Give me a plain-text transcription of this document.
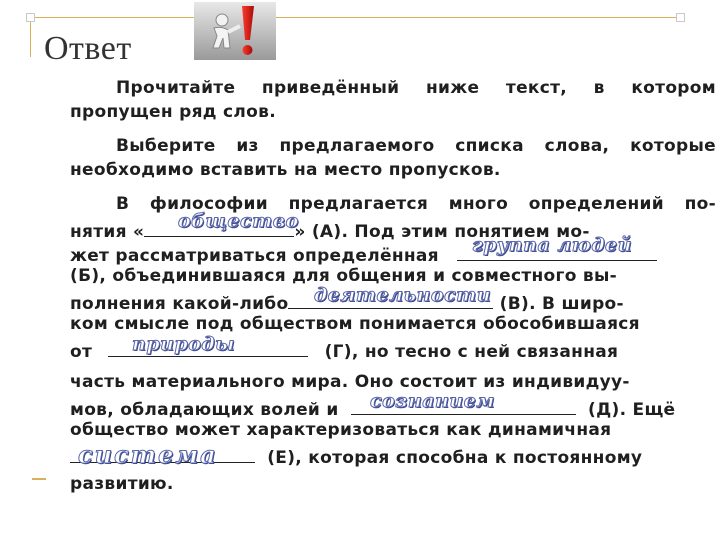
Ответ
Прочитайте приведённый ниже текст, в котором
пропущен ряд слов.
Выберите из предлагаемого списка слова, которые
необходимо вставить на место пропусков.
В философии предлагается много определений по-
нятия «	» (А). Под этим понятием мо-
жет рассматриваться определённая
(Б), объединившаяся для общения и совместного вы-
полнения какой-либо	(В). В широ-
ком смысле под обществом понимается обособившаяся
от	(Г), но тесно с ней связанная
часть материального мира. Оно состоит из индивидуу-
мов, обладающих волей и	(Д). Ещё
общество может характеризоваться как динамичная
(Е), которая способна к постоянному
развитию.
общество
группа людей
деятельности
природы
сознанием
система
